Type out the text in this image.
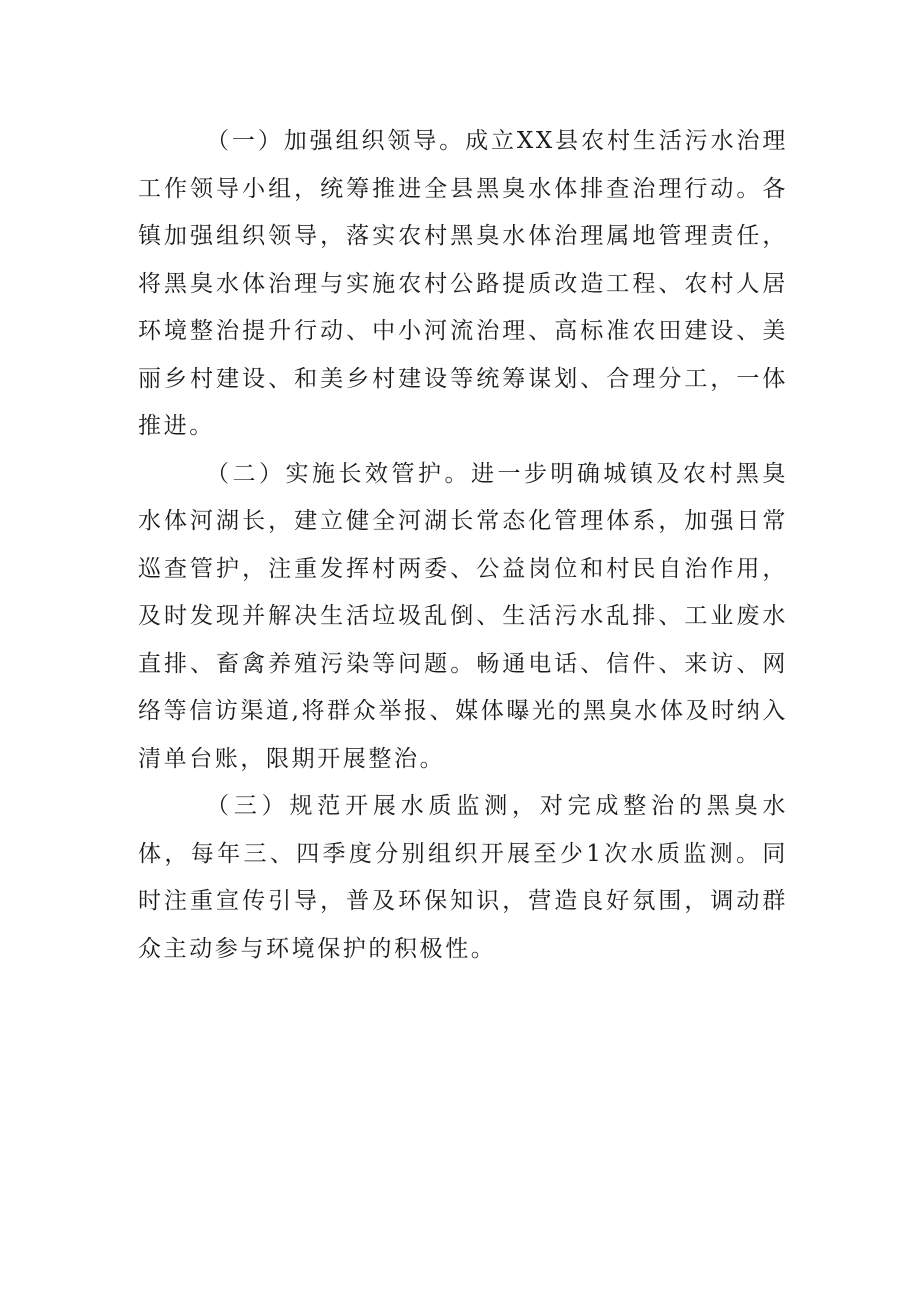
（一）加强组织领导。成立XX县农村生活污水治理工作领导小组，统筹推进全县黑臭水体排查治理行动。各镇加强组织领导，落实农村黑臭水体治理属地管理责任，将黑臭水体治理与实施农村公路提质改造工程、农村人居环境整治提升行动、中小河流治理、高标准农田建设、美丽乡村建设、和美乡村建设等统筹谋划、合理分工，一体推进。

（二）实施长效管护。进一步明确城镇及农村黑臭水体河湖长，建立健全河湖长常态化管理体系，加强日常巡查管护，注重发挥村两委、公益岗位和村民自治作用，及时发现并解决生活垃圾乱倒、生活污水乱排、工业废水直排、畜禽养殖污染等问题。畅通电话、信件、来访、网络等信访渠道,将群众举报、媒体曝光的黑臭水体及时纳入清单台账，限期开展整治。

（三）规范开展水质监测，对完成整治的黑臭水体，每年三、四季度分别组织开展至少1次水质监测。同时注重宣传引导，普及环保知识，营造良好氛围，调动群众主动参与环境保护的积极性。
